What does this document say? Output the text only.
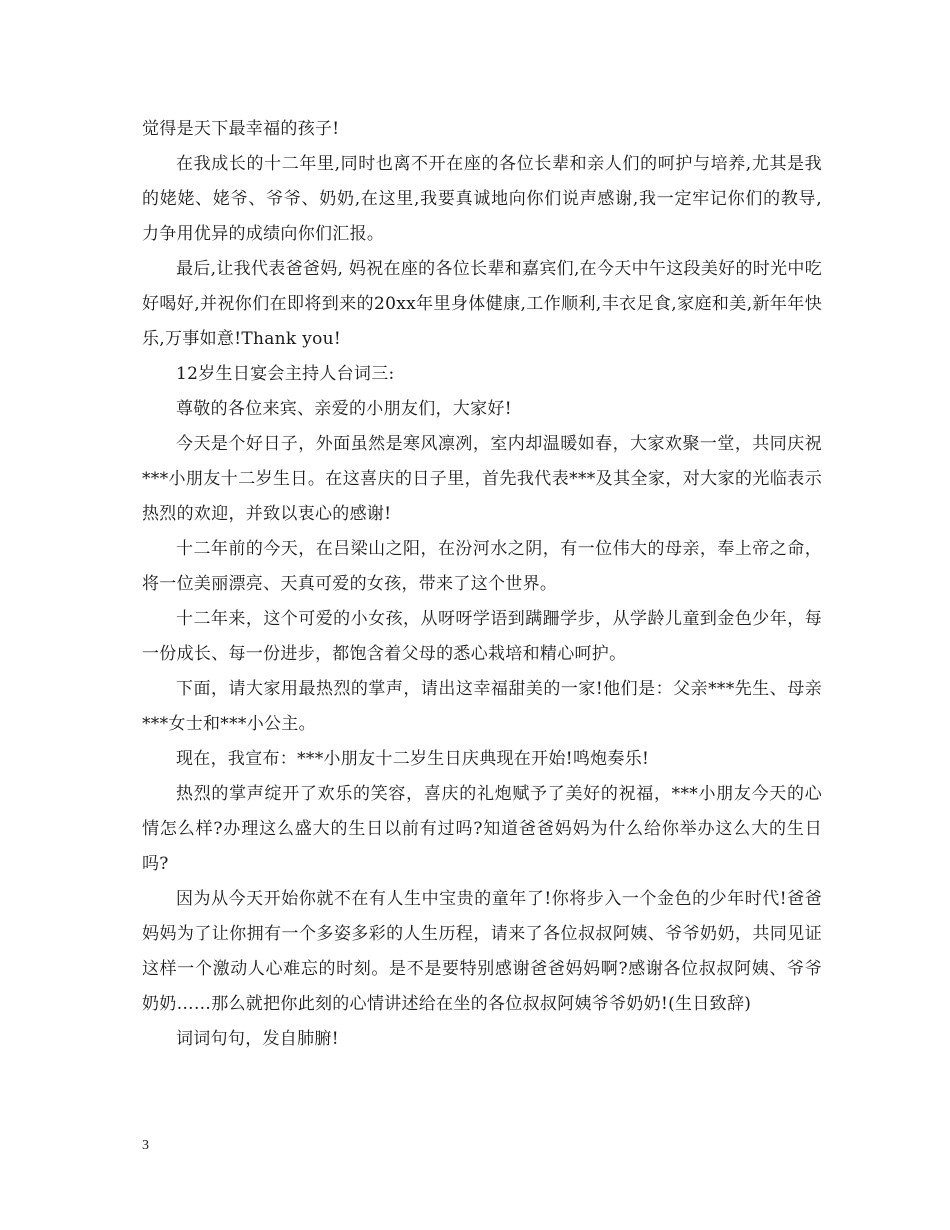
觉得是天下最幸福的孩子!

在我成长的十二年里,同时也离不开在座的各位长辈和亲人们的呵护与培养,尤其是我的姥姥、姥爷、爷爷、奶奶,在这里,我要真诚地向你们说声感谢,我一定牢记你们的教导,力争用优异的成绩向你们汇报。

最后,让我代表爸爸妈, 妈祝在座的各位长辈和嘉宾们,在今天中午这段美好的时光中吃好喝好,并祝你们在即将到来的20xx年里身体健康,工作顺利,丰衣足食,家庭和美,新年年快乐,万事如意!Thank you!

12岁生日宴会主持人台词三:

尊敬的各位来宾、亲爱的小朋友们，大家好!

今天是个好日子，外面虽然是寒风凛冽，室内却温暖如春，大家欢聚一堂，共同庆祝***小朋友十二岁生日。在这喜庆的日子里，首先我代表***及其全家，对大家的光临表示热烈的欢迎，并致以衷心的感谢!

十二年前的今天，在吕梁山之阳，在汾河水之阴，有一位伟大的母亲，奉上帝之命，将一位美丽漂亮、天真可爱的女孩，带来了这个世界。

十二年来，这个可爱的小女孩，从呀呀学语到蹒跚学步，从学龄儿童到金色少年，每一份成长、每一份进步，都饱含着父母的悉心栽培和精心呵护。

下面，请大家用最热烈的掌声，请出这幸福甜美的一家!他们是：父亲***先生、母亲***女士和***小公主。

现在，我宣布：***小朋友十二岁生日庆典现在开始!鸣炮奏乐!

热烈的掌声绽开了欢乐的笑容，喜庆的礼炮赋予了美好的祝福，***小朋友今天的心情怎么样?办理这么盛大的生日以前有过吗?知道爸爸妈妈为什么给你举办这么大的生日吗?

因为从今天开始你就不在有人生中宝贵的童年了!你将步入一个金色的少年时代!爸爸妈妈为了让你拥有一个多姿多彩的人生历程，请来了各位叔叔阿姨、爷爷奶奶，共同见证这样一个激动人心难忘的时刻。是不是要特别感谢爸爸妈妈啊?感谢各位叔叔阿姨、爷爷奶奶……那么就把你此刻的心情讲述给在坐的各位叔叔阿姨爷爷奶奶!(生日致辞)

词词句句，发自肺腑!

3
